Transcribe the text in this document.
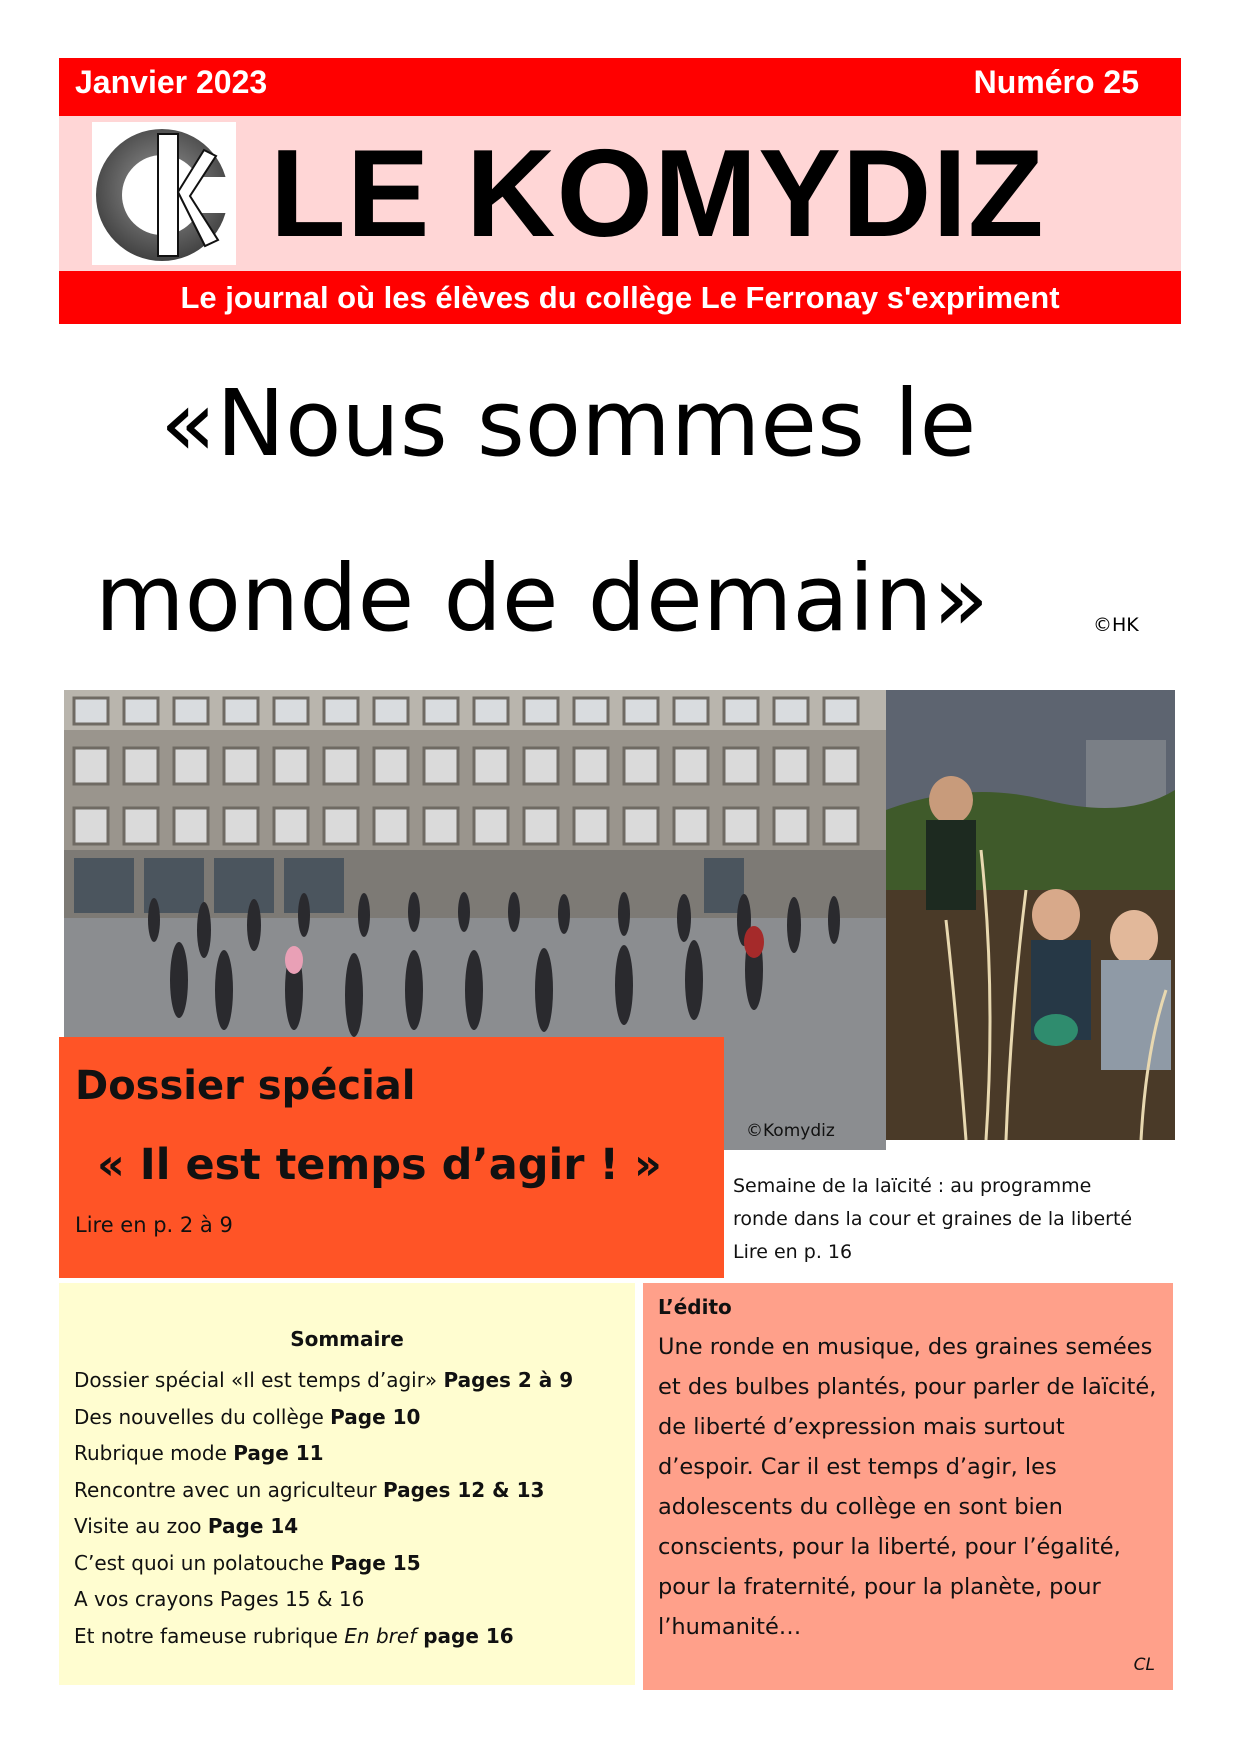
Janvier 2023	Numéro 25
LE KOMYDIZ
Le journal où les élèves du collège Le Ferronay s'expriment
«Nous sommes le
monde de demain»	©HK
Dossier spécial
« Il est temps d’agir ! »
Lire en p. 2 à 9
©Komydiz
Semaine de la laïcité : au programme
ronde dans la cour et graines de la liberté
Lire en p. 16
Sommaire
Dossier spécial «Il est temps d’agir» Pages 2 à 9
Des nouvelles du collège Page 10
Rubrique mode Page 11
Rencontre avec un agriculteur Pages 12 & 13
Visite au zoo Page 14
C’est quoi un polatouche Page 15
A vos crayons Pages 15 & 16
Et notre fameuse rubrique En bref page 16
L’édito
Une ronde en musique, des graines semées et des bulbes plantés, pour parler de laïcité, de liberté d’expression mais surtout d’espoir. Car il est temps d’agir, les adolescents du collège en sont bien conscients, pour la liberté, pour l’égalité, pour la fraternité, pour la planète, pour l’humanité…
CL
